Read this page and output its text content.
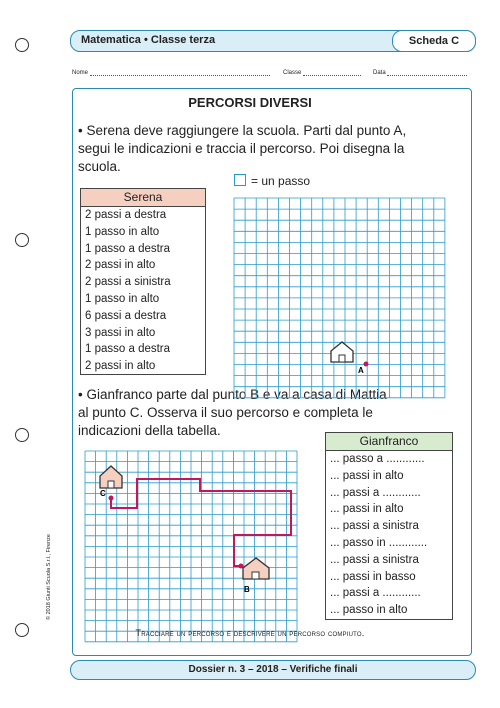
Matematica • Classe terza	Scheda C
Nome	Classe	Data
PERCORSI DIVERSI
• Serena deve raggiungere la scuola. Parti dal punto A,
segui le indicazioni e traccia il percorso. Poi disegna la
scuola.
= un passo
Serena
2 passi a destra
1 passo in alto
1 passo a destra
2 passi in alto
2 passi a sinistra
1 passo in alto
6 passi a destra
3 passi in alto
1 passo a destra
2 passi in alto
• Gianfranco parte dal punto B e va a casa di Mattia
al punto C. Osserva il suo percorso e completa le
indicazioni della tabella.
Gianfranco
... passo a ............
... passi in alto
... passi a ............
... passi in alto
... passi a sinistra
... passo in ............
... passi a sinistra
... passi in basso
... passi a ............
... passo in alto
A
C
B
Tracciare un percorso e descrivere un percorso compiuto.
Dossier n. 3 – 2018 – Verifiche finali
© 2018 Giunti Scuola S.r.l., Firenze
